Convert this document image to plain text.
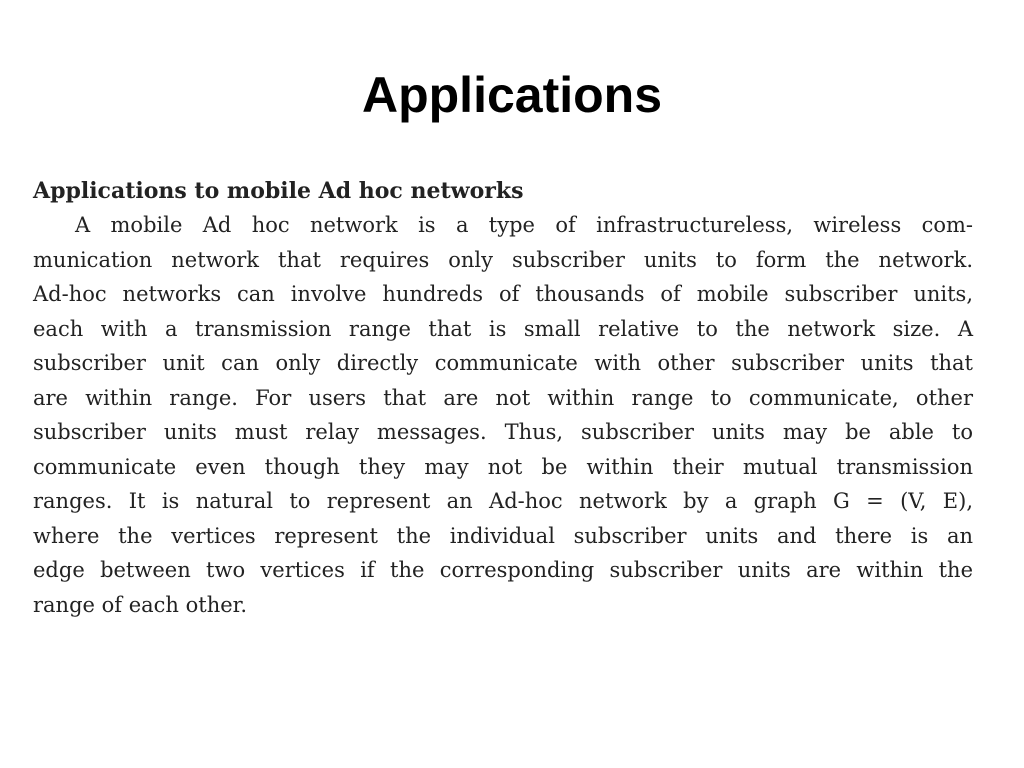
Applications
Applications to mobile Ad hoc networks
A mobile Ad hoc network is a type of infrastructureless, wireless com-
munication network that requires only subscriber units to form the network.
Ad-hoc networks can involve hundreds of thousands of mobile subscriber units,
each with a transmission range that is small relative to the network size. A
subscriber unit can only directly communicate with other subscriber units that
are within range. For users that are not within range to communicate, other
subscriber units must relay messages. Thus, subscriber units may be able to
communicate even though they may not be within their mutual transmission
ranges. It is natural to represent an Ad-hoc network by a graph G = (V, E),
where the vertices represent the individual subscriber units and there is an
edge between two vertices if the corresponding subscriber units are within the
range of each other.
